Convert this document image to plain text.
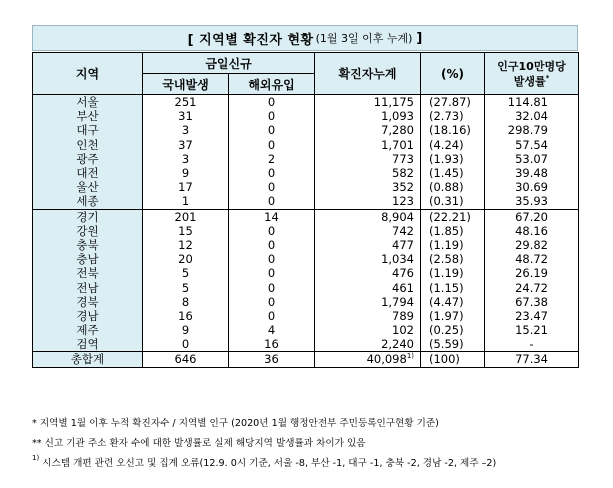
[ 지역별 확진자 현황 (1월 3일 이후 누계) ]
지역	금일신규		확진자누계	(%)	인구10만명당
발생률*

	국내발생	해외유입			
서울	251	0	11,175	(27.87)	114.81
부산	31	0	1,093	(2.73)	32.04
대구	3	0	7,280	(18.16)	298.79
인천	37	0	1,701	(4.24)	57.54
광주	3	2	773	(1.93)	53.07
대전	9	0	582	(1.45)	39.48
울산	17	0	352	(0.88)	30.69
세종	1	0	123	(0.31)	35.93
경기	201	14	8,904	(22.21)	67.20
강원	15	0	742	(1.85)	48.16
충북	12	0	477	(1.19)	29.82
충남	20	0	1,034	(2.58)	48.72
전북	5	0	476	(1.19)	26.19
전남	5	0	461	(1.15)	24.72
경북	8	0	1,794	(4.47)	67.38
경남	16	0	789	(1.97)	23.47
제주	9	4	102	(0.25)	15.21
검역	0	16	2,240	(5.59)	-
총합계	646	36	40,098$^{1)}$	(100)	77.34
* 지역별 1월 이후 누적 확진자수 / 지역별 인구 (2020년 1월 행정안전부 주민등록인구현황 기준)
** 신고 기관 주소 환자 수에 대한 발생률로 실제 해당지역 발생률과 차이가 있음
$^{1)}$ 시스템 개편 관련 오신고 및 집계 오류(12.9. 0시 기준, 서울 -8, 부산 -1, 대구 -1, 충북 -2, 경남 -2, 제주 –2)
